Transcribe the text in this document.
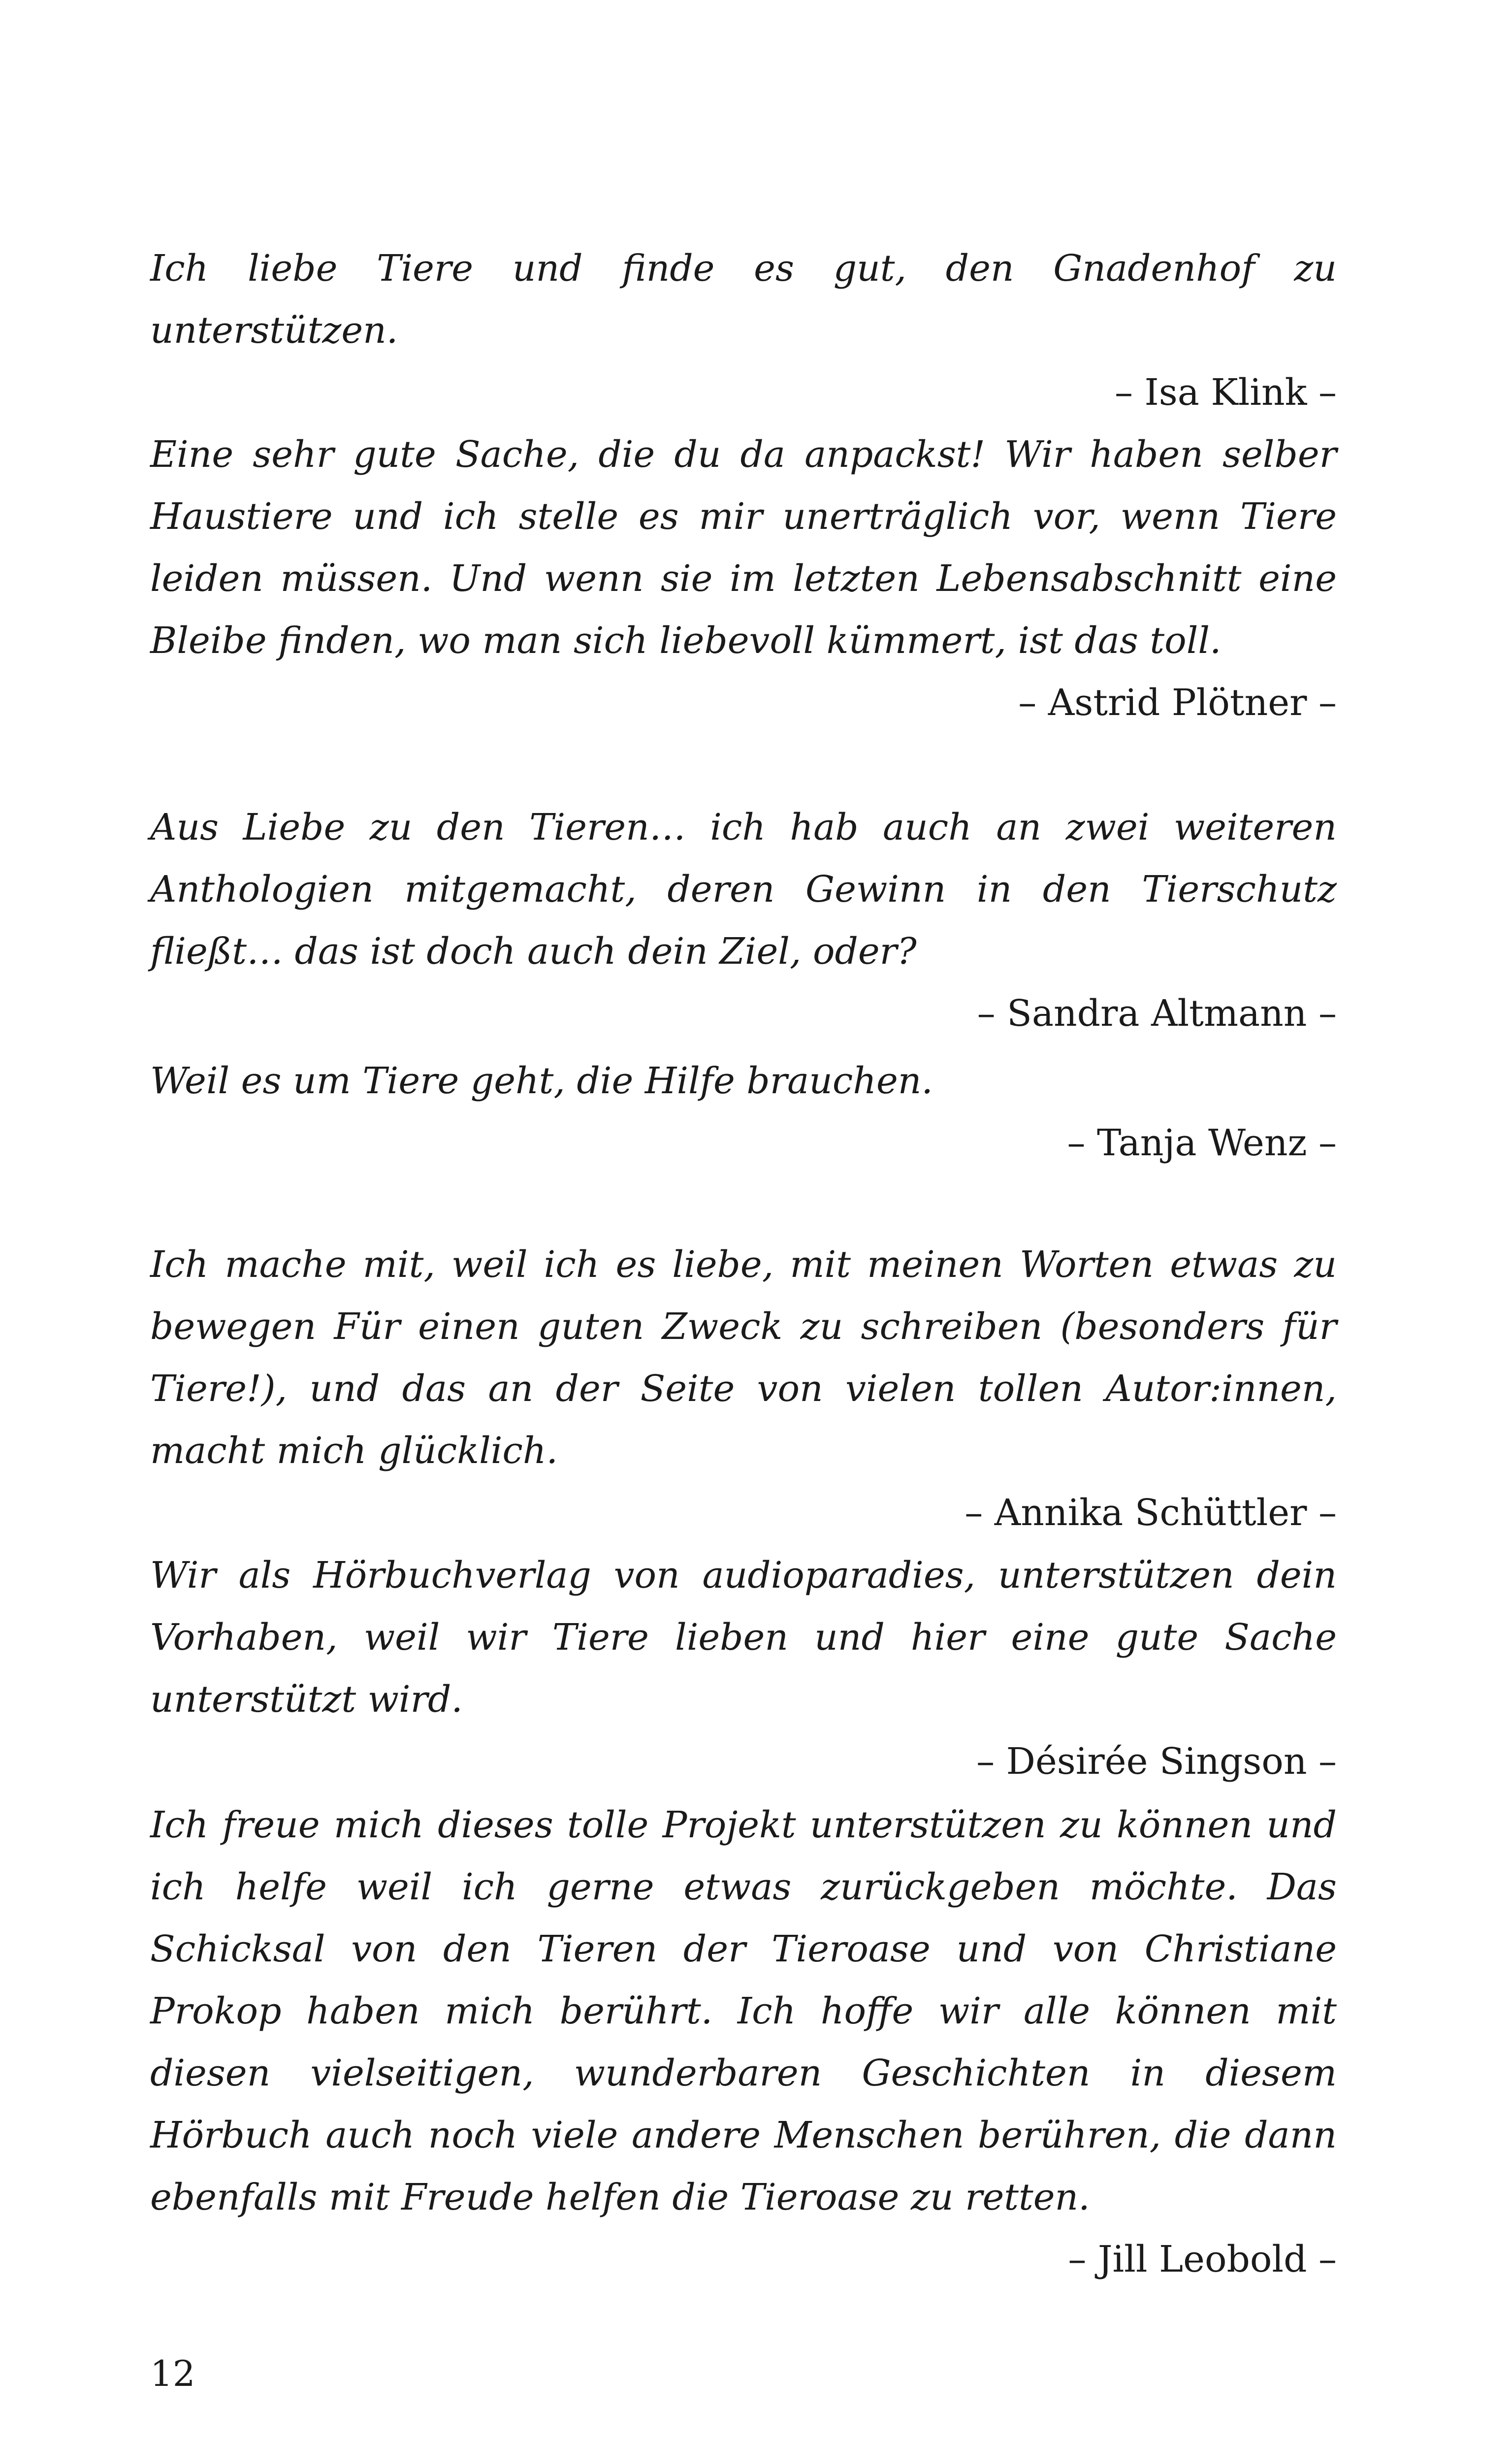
Ich liebe Tiere und finde es gut, den Gnadenhof zu unterstützen.

– Isa Klink –

Eine sehr gute Sache, die du da anpackst! Wir haben selber Haustiere und ich stelle es mir unerträglich vor, wenn Tiere leiden müssen. Und wenn sie im letzten Lebensabschnitt eine Bleibe finden, wo man sich liebevoll kümmert, ist das toll.

– Astrid Plötner –

Aus Liebe zu den Tieren… ich hab auch an zwei weiteren Anthologien mitgemacht, deren Gewinn in den Tierschutz fließt… das ist doch auch dein Ziel, oder?

– Sandra Altmann –

Weil es um Tiere geht, die Hilfe brauchen.

– Tanja Wenz –

Ich mache mit, weil ich es liebe, mit meinen Worten etwas zu bewegen Für einen guten Zweck zu schreiben (besonders für Tiere!), und das an der Seite von vielen tollen Autor:innen, macht mich glücklich.

– Annika Schüttler –

Wir als Hörbuchverlag von audioparadies, unterstützen dein Vorhaben, weil wir Tiere lieben und hier eine gute Sache unterstützt wird.

– Désirée Singson –

Ich freue mich dieses tolle Projekt unterstützen zu können und ich helfe weil ich gerne etwas zurückgeben möchte. Das Schicksal von den Tieren der Tieroase und von Christiane Prokop haben mich berührt. Ich hoffe wir alle können mit diesen vielseitigen, wunderbaren Geschichten in diesem Hörbuch auch noch viele andere Menschen berühren, die dann ebenfalls mit Freude helfen die Tieroase zu retten.

– Jill Leobold –

12
